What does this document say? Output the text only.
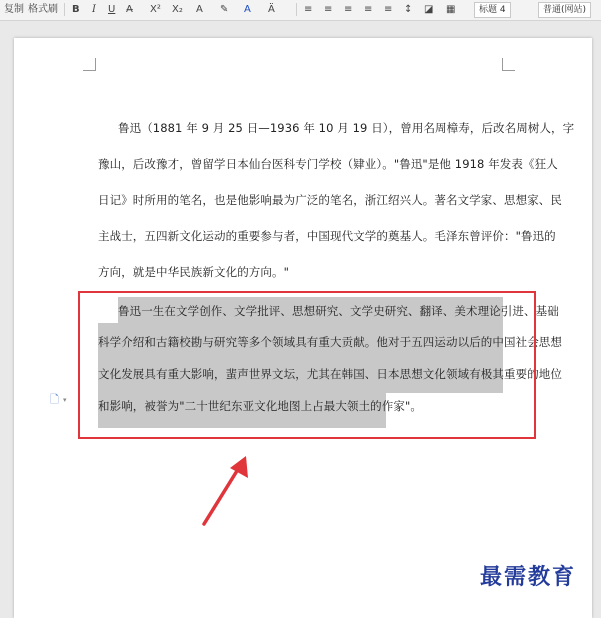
复制 格式刷 B I U A̶ X² X₂ A ✎ A Ä	≡ ≡ ≡ ≡ ≡ ↕ ◪ ▦	标题 4	普通(网站)
鲁迅（1881 年 9 月 25 日—1936 年 10 月 19 日），曾用名周樟寿，后改名周树人，字
豫山，后改豫才，曾留学日本仙台医科专门学校（肄业）。"鲁迅"是他 1918 年发表《狂人
日记》时所用的笔名，也是他影响最为广泛的笔名，浙江绍兴人。著名文学家、思想家、民
主战士，五四新文化运动的重要参与者，中国现代文学的奠基人。毛泽东曾评价："鲁迅的
方向，就是中华民族新文化的方向。"
鲁迅一生在文学创作、文学批评、思想研究、文学史研究、翻译、美术理论引进、基础
科学介绍和古籍校勘与研究等多个领域具有重大贡献。他对于五四运动以后的中国社会思想
文化发展具有重大影响，蜚声世界文坛，尤其在韩国、日本思想文化领域有极其重要的地位
和影响，被誉为"二十世纪东亚文化地图上占最大领土的作家"。
🗋 ▾
最需教育
